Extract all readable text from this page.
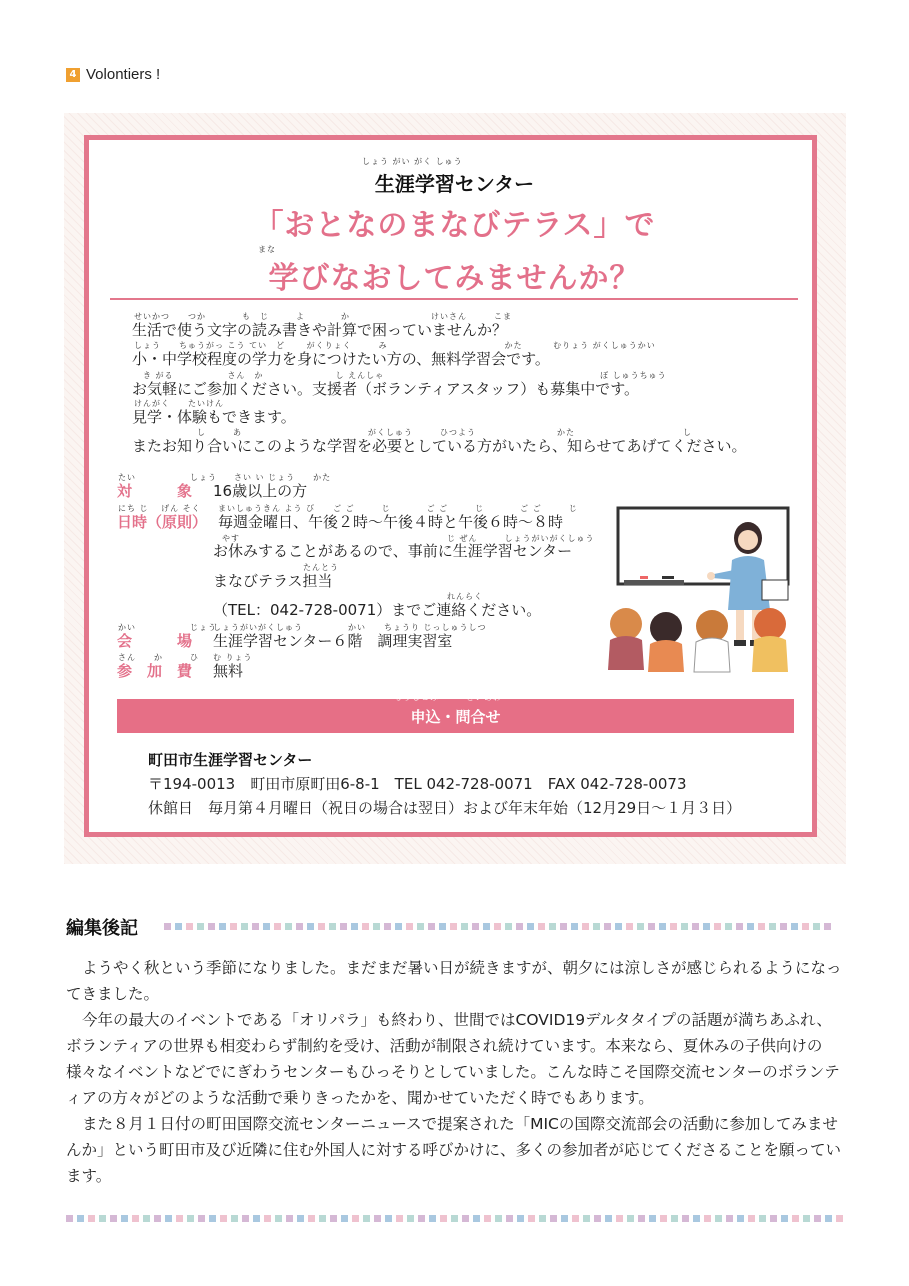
4 Volontiers !
しょう がい がく しゅう
生涯学習センター
「おとなのまなびテラス」で
まな
学びなおしてみませんか？
せいかつ　　つか　　　　も　じ　　　よ　　　　か　　　　　　　　　けいさん　　　こま
生活で使う文字の読み書きや計算で困っていませんか？
しょう　　ちゅうがっ こう てい　ど　　 がくりょく　　　み　　　　　　　　　　　　　かた　　　 むりょう がくしゅうかい
小・中学校程度の学力を身につけたい方の、無料学習会です。
　き がる　　　　　　さん　か　　　　　　　　し えんしゃ　　　　　　　　　　　　　　　　　　　　　　　　ぼ しゅうちゅう
お気軽にご参加ください。支援者（ボランティアスタッフ）も募集中です。
けんがく　　たいけん
見学・体験もできます。
　　　　　　　し　　　あ　　　　　　　　　　　　　　がくしゅう　　　ひつよう　　　　　　　　　かた　　　　　　　　　　　　し
またお知り合いにこのような学習を必要としている方がいたら、知らせてあげてください。
たい　　　　　　しょう
対　　　象
さい い じょう　　かた
16歳以上の方
にち じ　 げん そく
日時（原則）
まいしゅうきん よう び　　ご ご　　　じ　　　　ご ご　　　じ　　　　ご ご　　　じ
毎週金曜日、午後２時～午後４時と午後６時～８時
　やす　　　　　　　　　　　　　　　　　　　　　　　じ ぜん　　　しょうがいがくしゅう
お休みすることがあるので、事前に生涯学習センター
　　　　　　　　　　たんとう
まなびテラス担当
　　　　　　　　　　　　　　　　　　　　　　　　　　れんらく
（TEL：042-728-0071）までご連絡ください。
かい　　　　　　じょう
会　　　場
しょうがいがくしゅう　　　　　かい　　ちょうり じっしゅうしつ
生涯学習センター６階　調理実習室
さん　　か　　　ひ
参　加　費
む りょう
無料
もうしこみ　　　といあわ
申込・問合せ
町田市生涯学習センター
〒194-0013　町田市原町田6-8-1　TEL 042-728-0071　FAX 042-728-0073
休館日　毎月第４月曜日（祝日の場合は翌日）および年末年始（12月29日～１月３日）
編集後記

ようやく秋という季節になりました。まだまだ暑い日が続きますが、朝夕には涼しさが感じられるようになってきました。

今年の最大のイベントである「オリパラ」も終わり、世間ではCOVID19デルタタイプの話題が満ちあふれ、ボランティアの世界も相変わらず制約を受け、活動が制限され続けています。本来なら、夏休みの子供向けの様々なイベントなどでにぎわうセンターもひっそりとしていました。こんな時こそ国際交流センターのボランティアの方々がどのような活動で乗りきったかを、聞かせていただく時でもあります。

また８月１日付の町田国際交流センターニュースで提案された「MICの国際交流部会の活動に参加してみませんか」という町田市及び近隣に住む外国人に対する呼びかけに、多くの参加者が応じてくださることを願っています。
